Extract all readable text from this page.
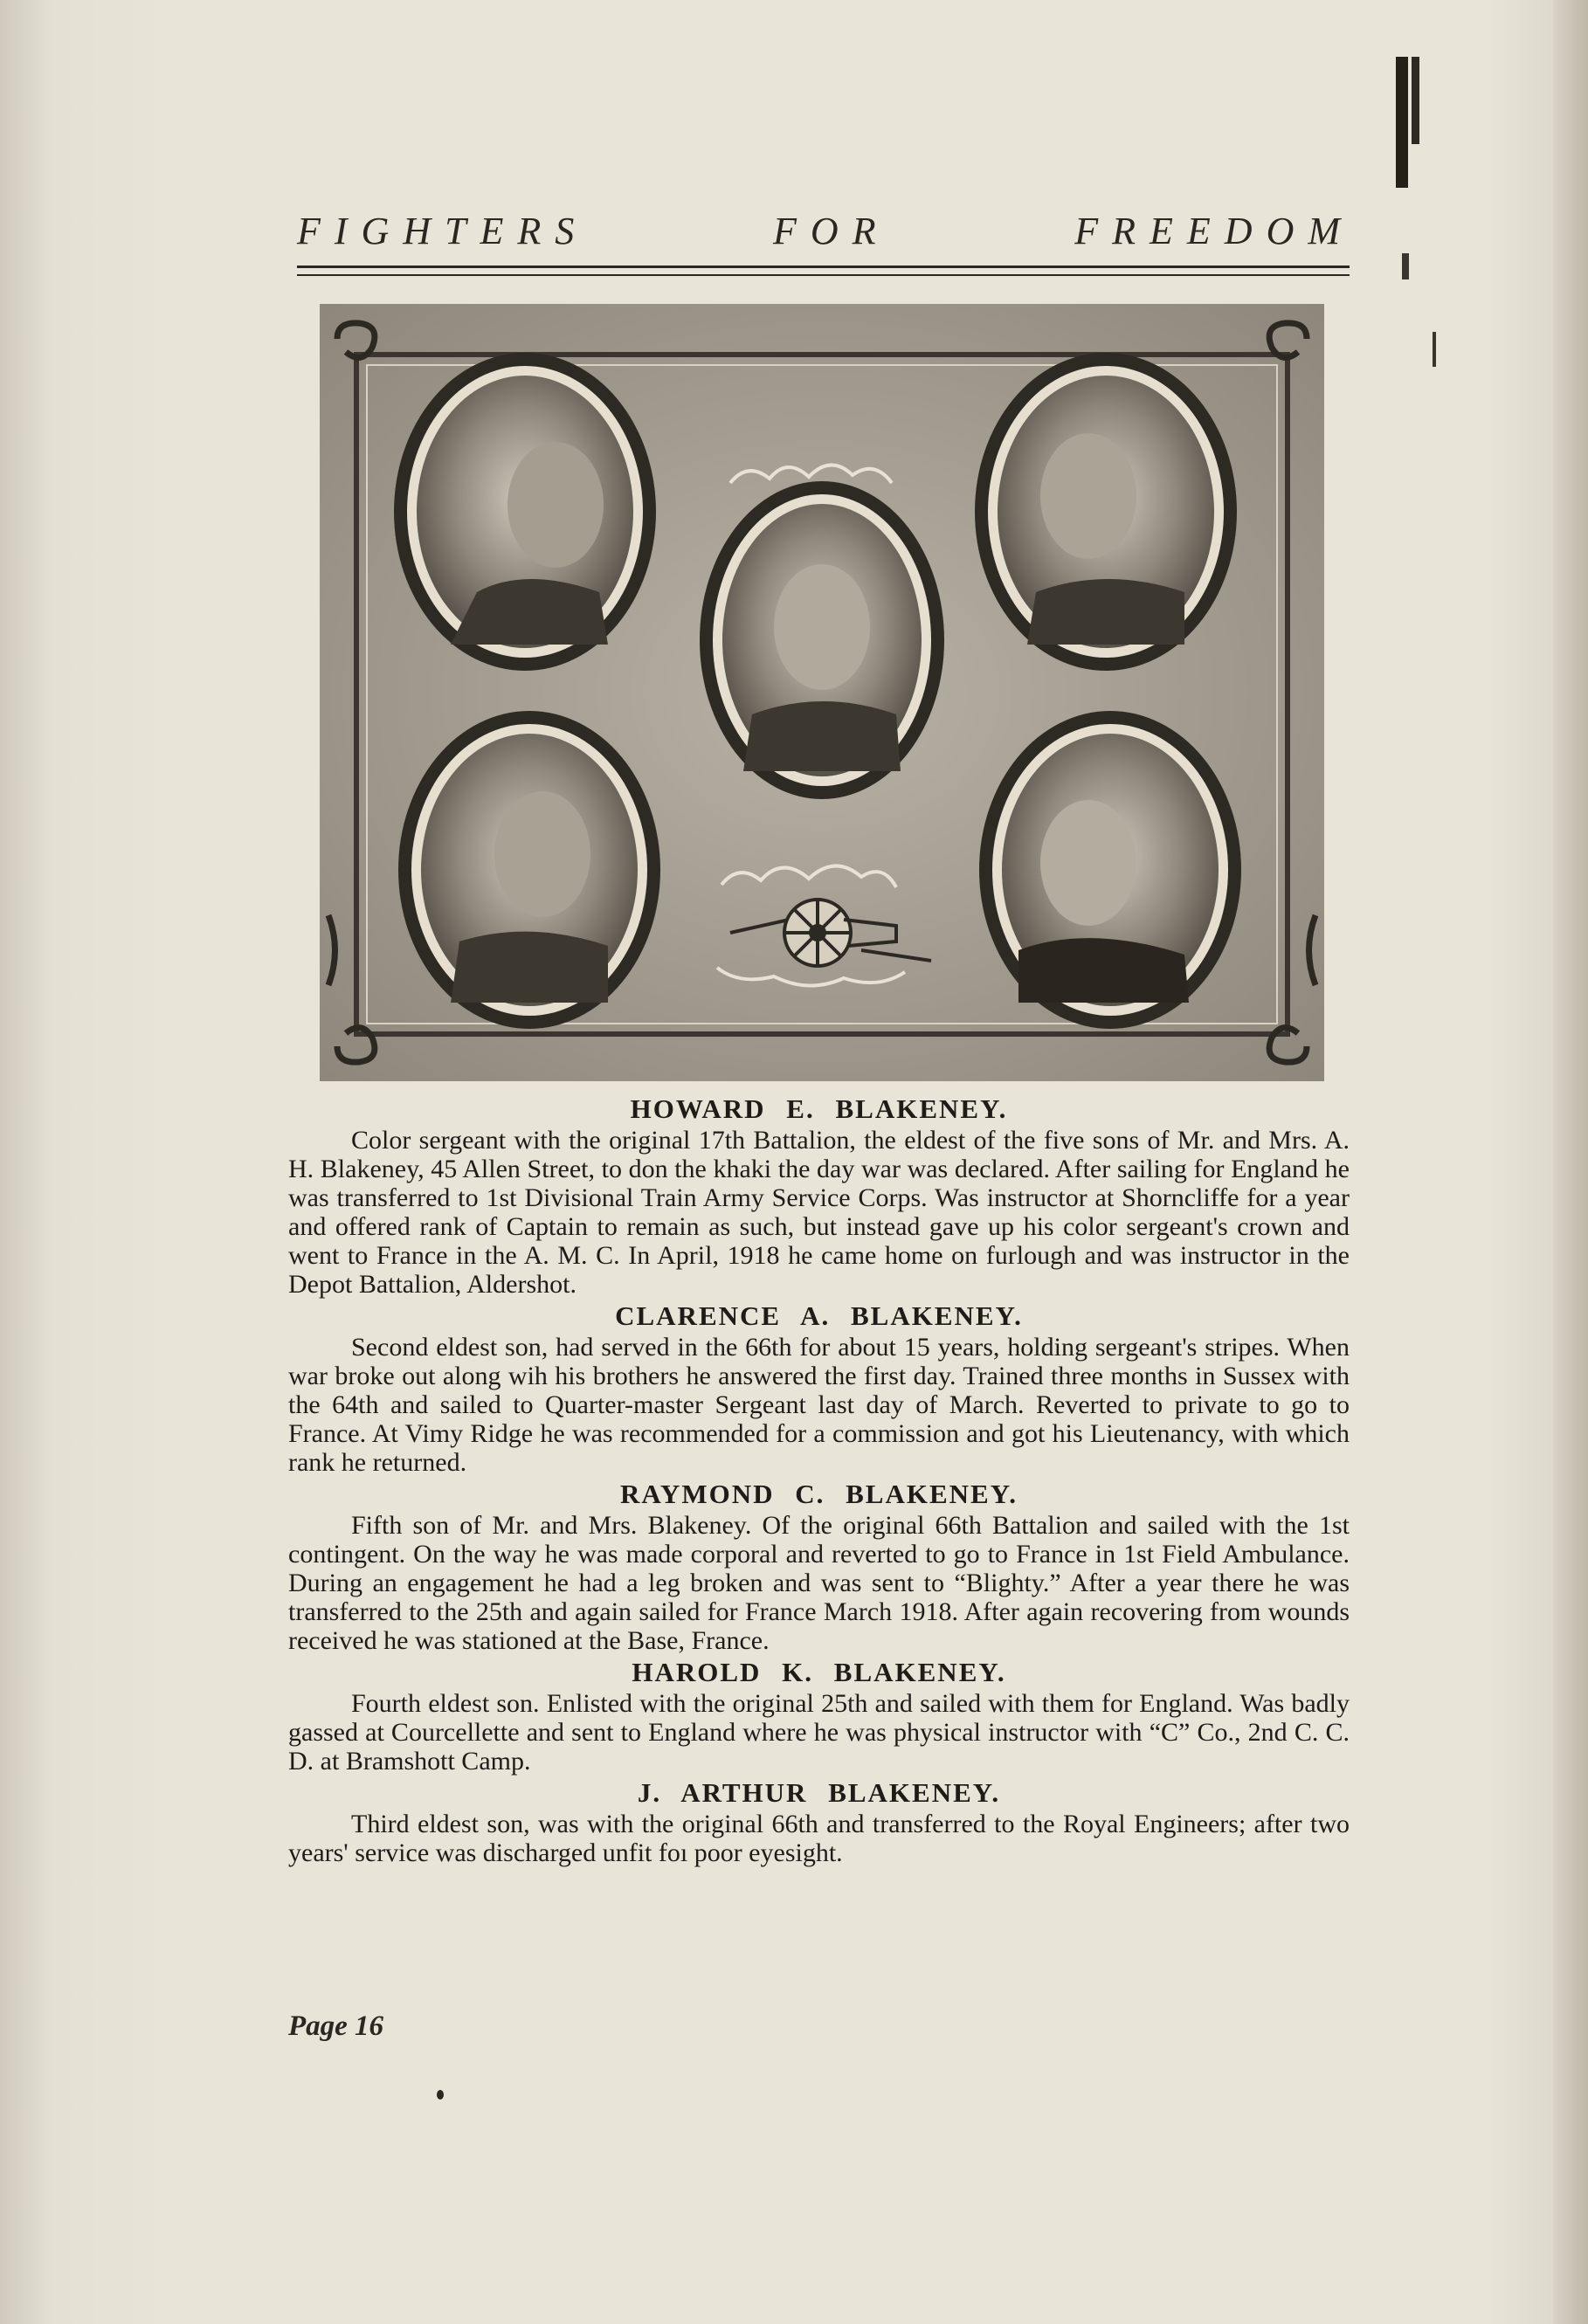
FIGHTERS	FOR	FREEDOM
HOWARD E. BLAKENEY.

Color sergeant with the original 17th Battalion, the eldest of the five sons of Mr. and Mrs. A. H. Blakeney, 45 Allen Street, to don the khaki the day war was declared. After sailing for England he was transferred to 1st Divisional Train Army Service Corps. Was instructor at Shorncliffe for a year and offered rank of Captain to remain as such, but instead gave up his color sergeant's crown and went to France in the A. M. C. In April, 1918 he came home on furlough and was instructor in the Depot Battalion, Aldershot.

CLARENCE A. BLAKENEY.

Second eldest son, had served in the 66th for about 15 years, holding sergeant's stripes. When war broke out along wih his brothers he answered the first day. Trained three months in Sussex with the 64th and sailed to Quarter-master Sergeant last day of March. Reverted to private to go to France. At Vimy Ridge he was recommended for a commission and got his Lieutenancy, with which rank he returned.

RAYMOND C. BLAKENEY.

Fifth son of Mr. and Mrs. Blakeney. Of the original 66th Battalion and sailed with the 1st contingent. On the way he was made corporal and reverted to go to France in 1st Field Ambulance. During an engagement he had a leg broken and was sent to “Blighty.” After a year there he was transferred to the 25th and again sailed for France March 1918. After again recovering from wounds received he was stationed at the Base, France.

HAROLD K. BLAKENEY.

Fourth eldest son. Enlisted with the original 25th and sailed with them for England. Was badly gassed at Courcellette and sent to England where he was physical instructor with “C” Co., 2nd C. C. D. at Bramshott Camp.

J. ARTHUR BLAKENEY.

Third eldest son, was with the original 66th and transferred to the Royal Engineers; after two years' service was discharged unfit foı poor eyesight.

Page 16
